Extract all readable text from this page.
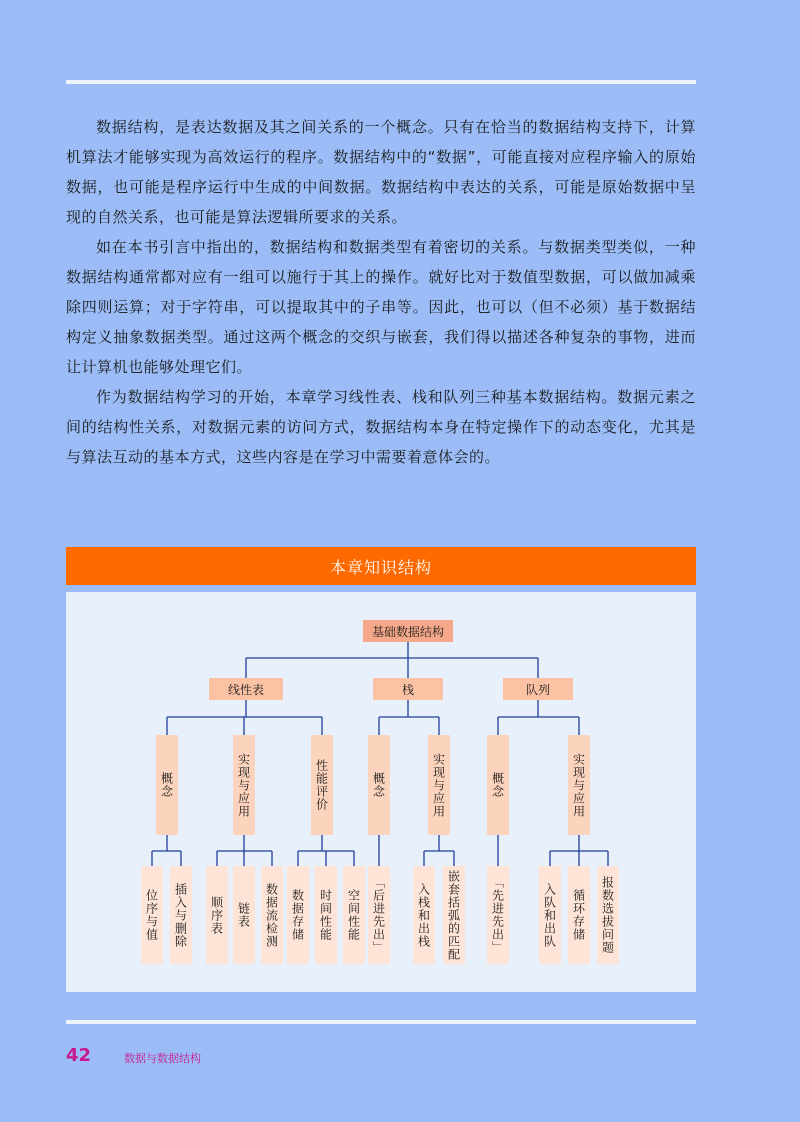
数据结构，是表达数据及其之间关系的一个概念。只有在恰当的数据结构支持下，计算机算法才能够实现为高效运行的程序。数据结构中的“数据”，可能直接对应程序输入的原始数据，也可能是程序运行中生成的中间数据。数据结构中表达的关系，可能是原始数据中呈现的自然关系，也可能是算法逻辑所要求的关系。

如在本书引言中指出的，数据结构和数据类型有着密切的关系。与数据类型类似，一种数据结构通常都对应有一组可以施行于其上的操作。就好比对于数值型数据，可以做加减乘除四则运算；对于字符串，可以提取其中的子串等。因此，也可以（但不必须）基于数据结构定义抽象数据类型。通过这两个概念的交织与嵌套，我们得以描述各种复杂的事物，进而让计算机也能够处理它们。

作为数据结构学习的开始，本章学习线性表、栈和队列三种基本数据结构。数据元素之间的结构性关系，对数据元素的访问方式，数据结构本身在特定操作下的动态变化，尤其是与算法互动的基本方式，这些内容是在学习中需要着意体会的。

本章知识结构
基础数据结构
线性表	栈	队列
概念	实现与应用	性能评价	概念	实现与应用	概念	实现与应用
位序与值	插入与删除	顺序表	链表	数据流检测	数据存储	时间性能	空间性能 「后进先出」	入栈和出栈	嵌套括弧的匹配	「先进先出」	入队和出队	循环存储	报数选拔问题
42	数据与数据结构
